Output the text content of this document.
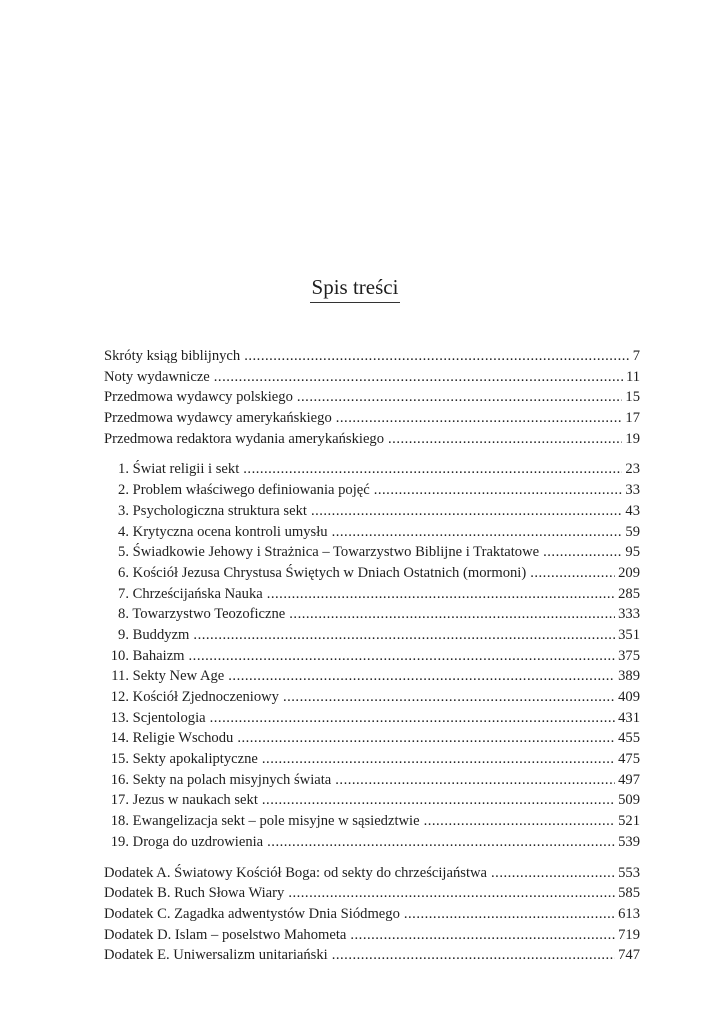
Spis treści
Skróty ksiąg biblijnych .....	7
Noty wydawnicze .....	11
Przedmowa wydawcy polskiego .....	15
Przedmowa wydawcy amerykańskiego .....	17
Przedmowa redaktora wydania amerykańskiego .....	19
1. Świat religii i sekt .....	23
2. Problem właściwego definiowania pojęć .....	33
3. Psychologiczna struktura sekt .....	43
4. Krytyczna ocena kontroli umysłu .....	59
5. Świadkowie Jehowy i Strażnica – Towarzystwo Biblijne i Traktatowe .....	95
6. Kościół Jezusa Chrystusa Świętych w Dniach Ostatnich (mormoni) .....	209
7. Chrześcijańska Nauka .....	285
8. Towarzystwo Teozoficzne .....	333
9. Buddyzm .....	351
10. Bahaizm .....	375
11. Sekty New Age .....	389
12. Kościół Zjednoczeniowy .....	409
13. Scjentologia .....	431
14. Religie Wschodu .....	455
15. Sekty apokaliptyczne .....	475
16. Sekty na polach misyjnych świata .....	497
17. Jezus w naukach sekt .....	509
18. Ewangelizacja sekt – pole misyjne w sąsiedztwie .....	521
19. Droga do uzdrowienia .....	539
Dodatek A. Światowy Kościół Boga: od sekty do chrześcijaństwa .....	553
Dodatek B. Ruch Słowa Wiary .....	585
Dodatek C. Zagadka adwentystów Dnia Siódmego .....	613
Dodatek D. Islam – poselstwo Mahometa .....	719
Dodatek E. Uniwersalizm unitariański .....	747
